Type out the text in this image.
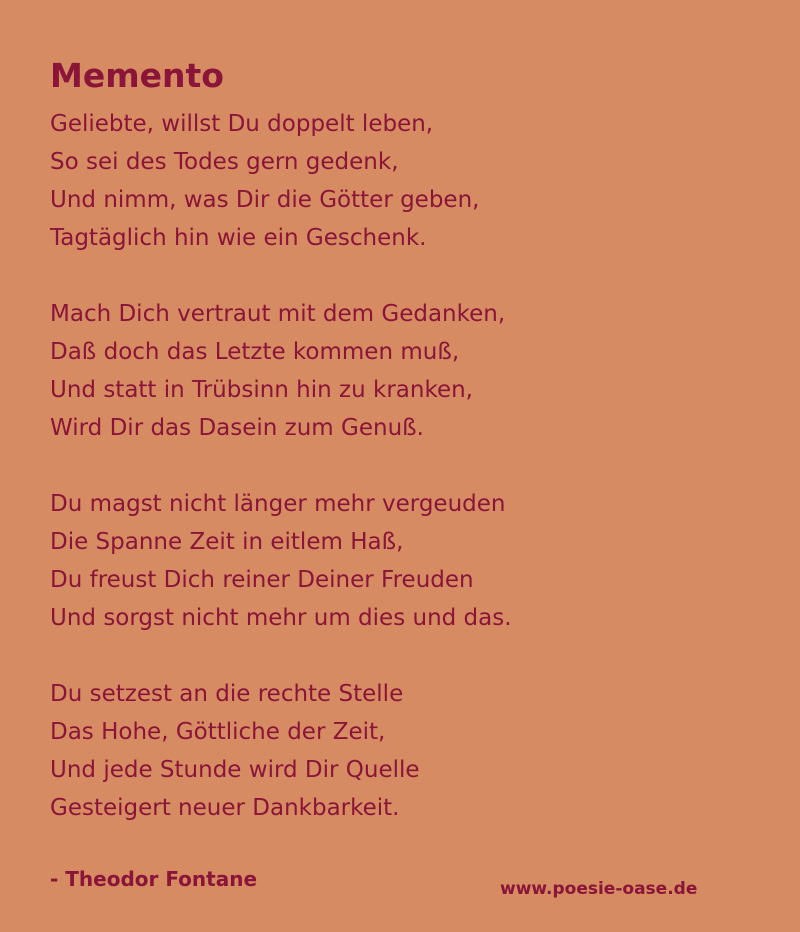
Memento
Geliebte, willst Du doppelt leben,
So sei des Todes gern gedenk,
Und nimm, was Dir die Götter geben,
Tagtäglich hin wie ein Geschenk.
Mach Dich vertraut mit dem Gedanken,
Daß doch das Letzte kommen muß,
Und statt in Trübsinn hin zu kranken,
Wird Dir das Dasein zum Genuß.
Du magst nicht länger mehr vergeuden
Die Spanne Zeit in eitlem Haß,
Du freust Dich reiner Deiner Freuden
Und sorgst nicht mehr um dies und das.
Du setzest an die rechte Stelle
Das Hohe, Göttliche der Zeit,
Und jede Stunde wird Dir Quelle
Gesteigert neuer Dankbarkeit.
- Theodor Fontane	www.poesie-oase.de
